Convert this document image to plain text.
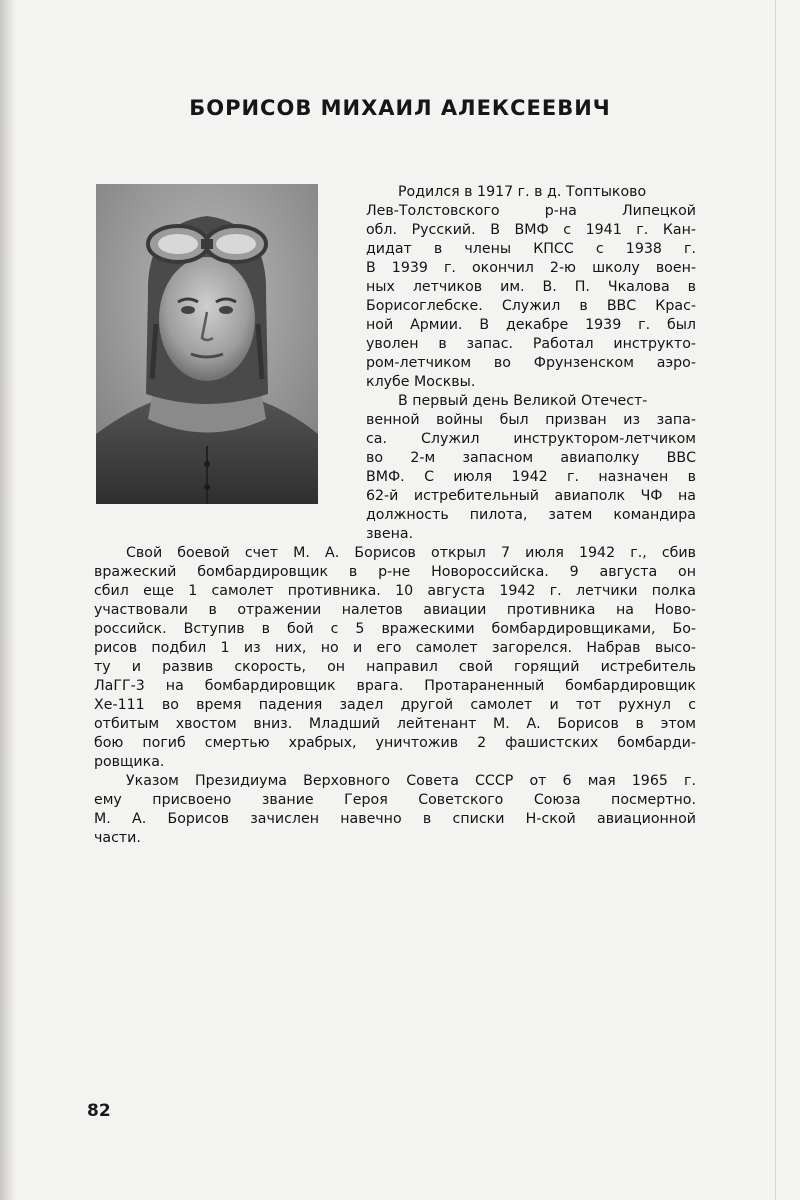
БОРИСОВ МИХАИЛ АЛЕКСЕЕВИЧ
Родился в 1917 г. в д. Топтыково
Лев-Толстовского р-на Липецкой
обл. Русский. В ВМФ с 1941 г. Кан-
дидат в члены КПСС с 1938 г.
В 1939 г. окончил 2-ю школу воен-
ных летчиков им. В. П. Чкалова в
Борисоглебске. Служил в ВВС Крас-
ной Армии. В декабре 1939 г. был
уволен в запас. Работал инструкто-
ром-летчиком во Фрунзенском аэро-
клубе Москвы.
В первый день Великой Отечест-
венной войны был призван из запа-
са. Служил инструктором-летчиком
во 2-м запасном авиаполку ВВС
ВМФ. С июля 1942 г. назначен в
62-й истребительный авиаполк ЧФ на
должность пилота, затем командира
звена.
Свой боевой счет М. А. Борисов открыл 7 июля 1942 г., сбив
вражеский бомбардировщик в р-не Новороссийска. 9 августа он
сбил еще 1 самолет противника. 10 августа 1942 г. летчики полка
участвовали в отражении налетов авиации противника на Ново-
российск. Вступив в бой с 5 вражескими бомбардировщиками, Бо-
рисов подбил 1 из них, но и его самолет загорелся. Набрав высо-
ту и развив скорость, он направил свой горящий истребитель
ЛаГГ-3 на бомбардировщик врага. Протараненный бомбардировщик
Хе-111 во время падения задел другой самолет и тот рухнул с
отбитым хвостом вниз. Младший лейтенант М. А. Борисов в этом
бою погиб смертью храбрых, уничтожив 2 фашистских бомбарди-
ровщика.
Указом Президиума Верховного Совета СССР от 6 мая 1965 г.
ему присвоено звание Героя Советского Союза посмертно.
М. А. Борисов зачислен навечно в списки Н-ской авиационной
части.
82
